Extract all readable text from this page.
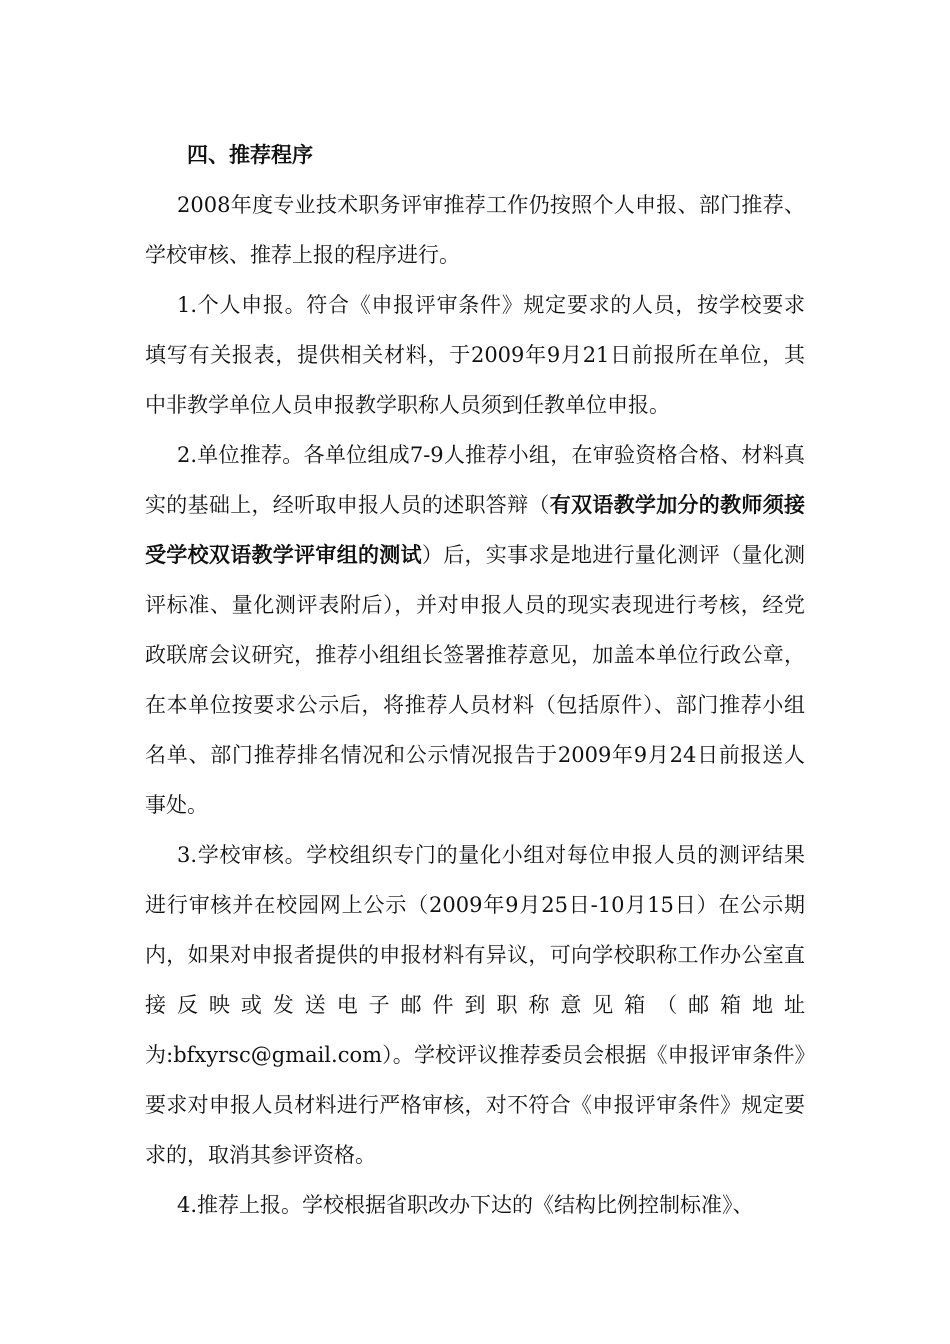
四、推荐程序

2008年度专业技术职务评审推荐工作仍按照个人申报、部门推荐、学校审核、推荐上报的程序进行。

1.个人申报。符合《申报评审条件》规定要求的人员，按学校要求填写有关报表，提供相关材料，于2009年9月21日前报所在单位，其中非教学单位人员申报教学职称人员须到任教单位申报。

2.单位推荐。各单位组成7-9人推荐小组，在审验资格合格、材料真实的基础上，经听取申报人员的述职答辩（有双语教学加分的教师须接受学校双语教学评审组的测试）后，实事求是地进行量化测评（量化测评标准、量化测评表附后），并对申报人员的现实表现进行考核，经党政联席会议研究，推荐小组组长签署推荐意见，加盖本单位行政公章，在本单位按要求公示后，将推荐人员材料（包括原件）、部门推荐小组名单、部门推荐排名情况和公示情况报告于2009年9月24日前报送人事处。

3.学校审核。学校组织专门的量化小组对每位申报人员的测评结果进行审核并在校园网上公示（2009年9月25日-10月15日）在公示期内，如果对申报者提供的申报材料有异议，可向学校职称工作办公室直接反映或发送电子邮件到职称意见箱（邮箱地址为:bfxyrsc@gmail.com）。学校评议推荐委员会根据《申报评审条件》要求对申报人员材料进行严格审核，对不符合《申报评审条件》规定要求的，取消其参评资格。

4.推荐上报。学校根据省职改办下达的《结构比例控制标准》、
